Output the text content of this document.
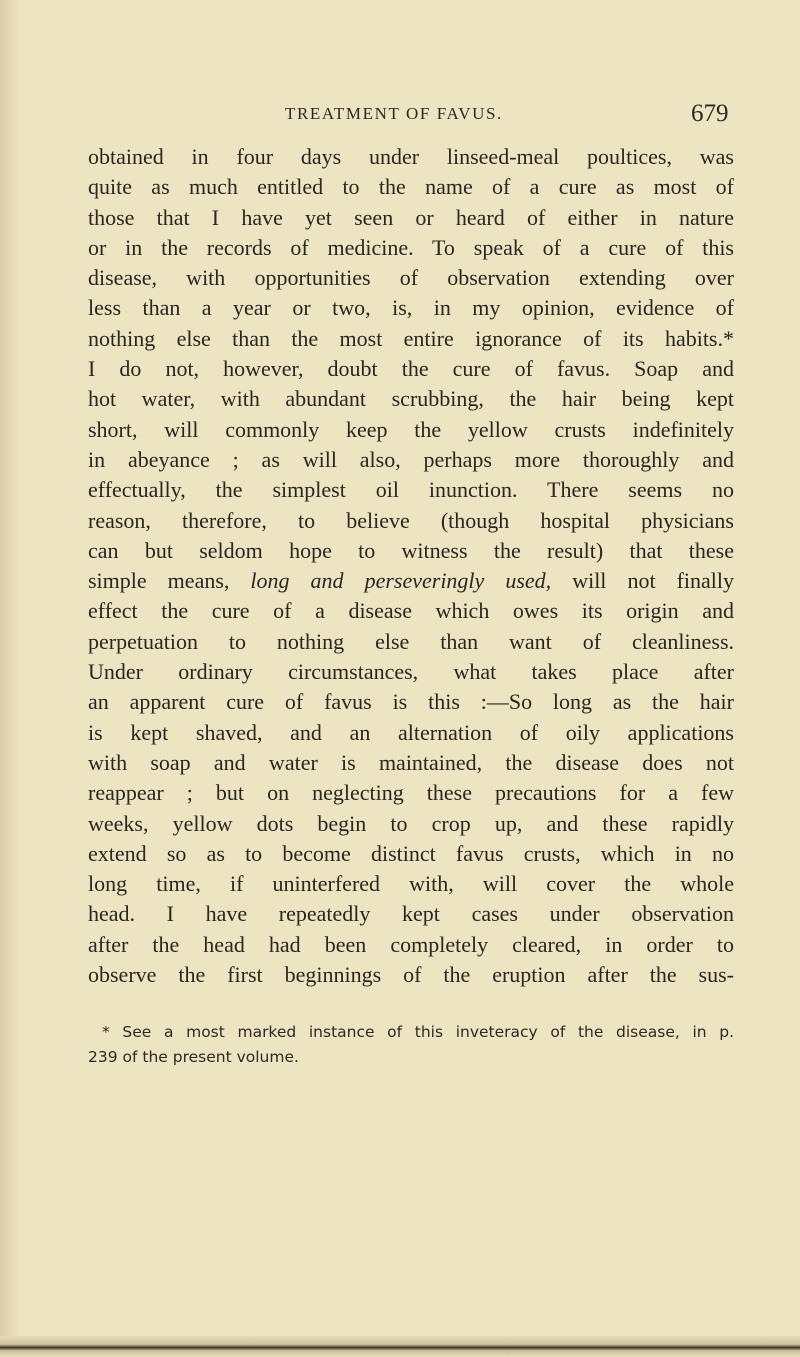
TREATMENT OF FAVUS.	679
obtained in four days under linseed-meal poultices, was
quite as much entitled to the name of a cure as most of
those that I have yet seen or heard of either in nature
or in the records of medicine. To speak of a cure of this
disease, with opportunities of observation extending over
less than a year or two, is, in my opinion, evidence of
nothing else than the most entire ignorance of its habits.*
I do not, however, doubt the cure of favus. Soap and
hot water, with abundant scrubbing, the hair being kept
short, will commonly keep the yellow crusts indefinitely
in abeyance ; as will also, perhaps more thoroughly and
effectually, the simplest oil inunction. There seems no
reason, therefore, to believe (though hospital physicians
can but seldom hope to witness the result) that these
simple means, long and perseveringly used, will not finally
effect the cure of a disease which owes its origin and
perpetuation to nothing else than want of cleanliness.
Under ordinary circumstances, what takes place after
an apparent cure of favus is this :—So long as the hair
is kept shaved, and an alternation of oily applications
with soap and water is maintained, the disease does not
reappear ; but on neglecting these precautions for a few
weeks, yellow dots begin to crop up, and these rapidly
extend so as to become distinct favus crusts, which in no
long time, if uninterfered with, will cover the whole
head. I have repeatedly kept cases under observation
after the head had been completely cleared, in order to
observe the first beginnings of the eruption after the sus-
* See a most marked instance of this inveteracy of the disease, in p.
239 of the present volume.
